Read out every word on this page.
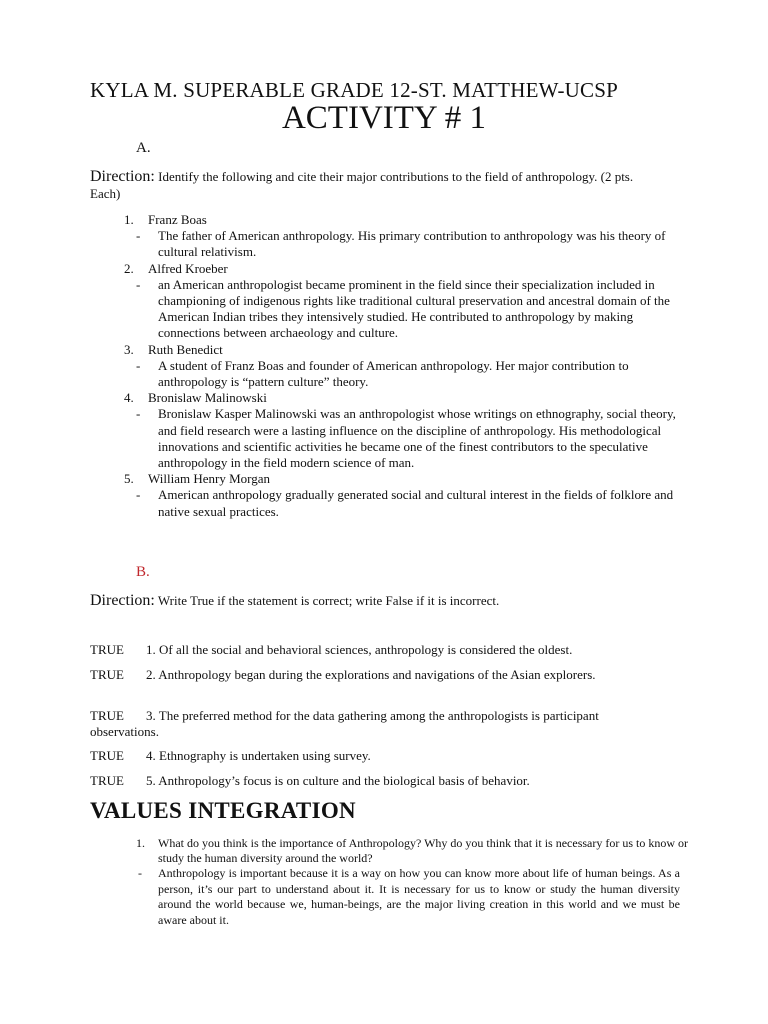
KYLA M. SUPERABLE GRADE 12-ST. MATTHEW-UCSP
ACTIVITY # 1
A.
Direction: Identify the following and cite their major contributions to the field of anthropology. (2 pts. Each)
1. Franz Boas
- The father of American anthropology. His primary contribution to anthropology was his theory of cultural relativism.
2. Alfred Kroeber
- an American anthropologist became prominent in the field since their specialization included in championing of indigenous rights like traditional cultural preservation and ancestral domain of the American Indian tribes they intensively studied. He contributed to anthropology by making connections between archaeology and culture.
3. Ruth Benedict
- A student of Franz Boas and founder of American anthropology. Her major contribution to anthropology is “pattern culture” theory.
4. Bronislaw Malinowski
- Bronislaw Kasper Malinowski was an anthropologist whose writings on ethnography, social theory, and field research were a lasting influence on the discipline of anthropology. His methodological innovations and scientific activities he became one of the finest contributors to the speculative anthropology in the field modern science of man.
5. William Henry Morgan
- American anthropology gradually generated social and cultural interest in the fields of folklore and native sexual practices.
B.
Direction: Write True if the statement is correct; write False if it is incorrect.
TRUE 1. Of all the social and behavioral sciences, anthropology is considered the oldest.
TRUE 2. Anthropology began during the explorations and navigations of the Asian explorers.
TRUE 3. The preferred method for the data gathering among the anthropologists is participant observations.
TRUE 4. Ethnography is undertaken using survey.
TRUE 5. Anthropology’s focus is on culture and the biological basis of behavior.
VALUES INTEGRATION
1.	What do you think is the importance of Anthropology? Why do you think that it is necessary for us to know or study the human diversity around the world?
-	Anthropology is important because it is a way on how you can know more about life of human beings. As a person, it’s our part to understand about it. It is necessary for us to know or study the human diversity around the world because we, human-beings, are the major living creation in this world and we must be aware about it.
